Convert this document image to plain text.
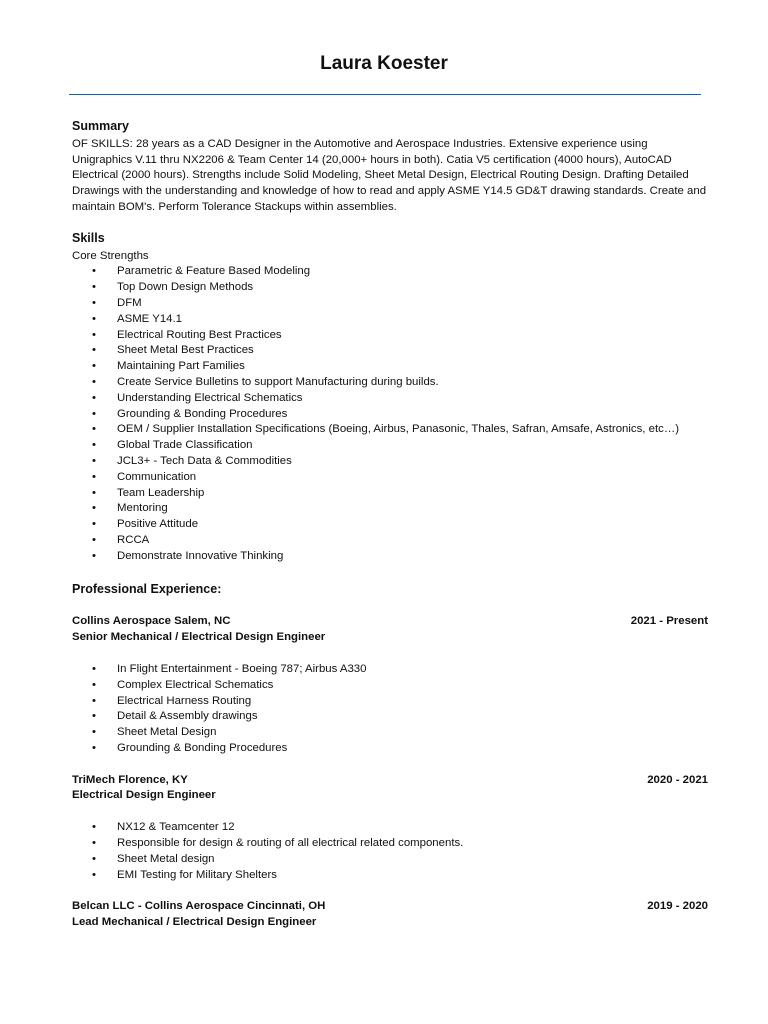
Laura Koester
Summary
OF SKILLS: 28 years as a CAD Designer in the Automotive and Aerospace Industries. Extensive experience using Unigraphics V.11 thru NX2206 & Team Center 14 (20,000+ hours in both). Catia V5 certification (4000 hours), AutoCAD Electrical (2000 hours). Strengths include Solid Modeling, Sheet Metal Design, Electrical Routing Design. Drafting Detailed Drawings with the understanding and knowledge of how to read and apply ASME Y14.5 GD&T drawing standards. Create and maintain BOM's. Perform Tolerance Stackups within assemblies.
Skills
Core Strengths
• Parametric & Feature Based Modeling
• Top Down Design Methods
• DFM
• ASME Y14.1
• Electrical Routing Best Practices
• Sheet Metal Best Practices
• Maintaining Part Families
• Create Service Bulletins to support Manufacturing during builds.
• Understanding Electrical Schematics
• Grounding & Bonding Procedures
• OEM / Supplier Installation Specifications (Boeing, Airbus, Panasonic, Thales, Safran, Amsafe, Astronics, etc…)
• Global Trade Classification
• JCL3+ - Tech Data & Commodities
• Communication
• Team Leadership
• Mentoring
• Positive Attitude
• RCCA
• Demonstrate Innovative Thinking
Professional Experience:
Collins Aerospace Salem, NC	2021 - Present
Senior Mechanical / Electrical Design Engineer
• In Flight Entertainment - Boeing 787; Airbus A330
• Complex Electrical Schematics
• Electrical Harness Routing
• Detail & Assembly drawings
• Sheet Metal Design
• Grounding & Bonding Procedures
TriMech Florence, KY	2020 - 2021
Electrical Design Engineer
• NX12 & Teamcenter 12
• Responsible for design & routing of all electrical related components.
• Sheet Metal design
• EMI Testing for Military Shelters
Belcan LLC - Collins Aerospace Cincinnati, OH	2019 - 2020
Lead Mechanical / Electrical Design Engineer
